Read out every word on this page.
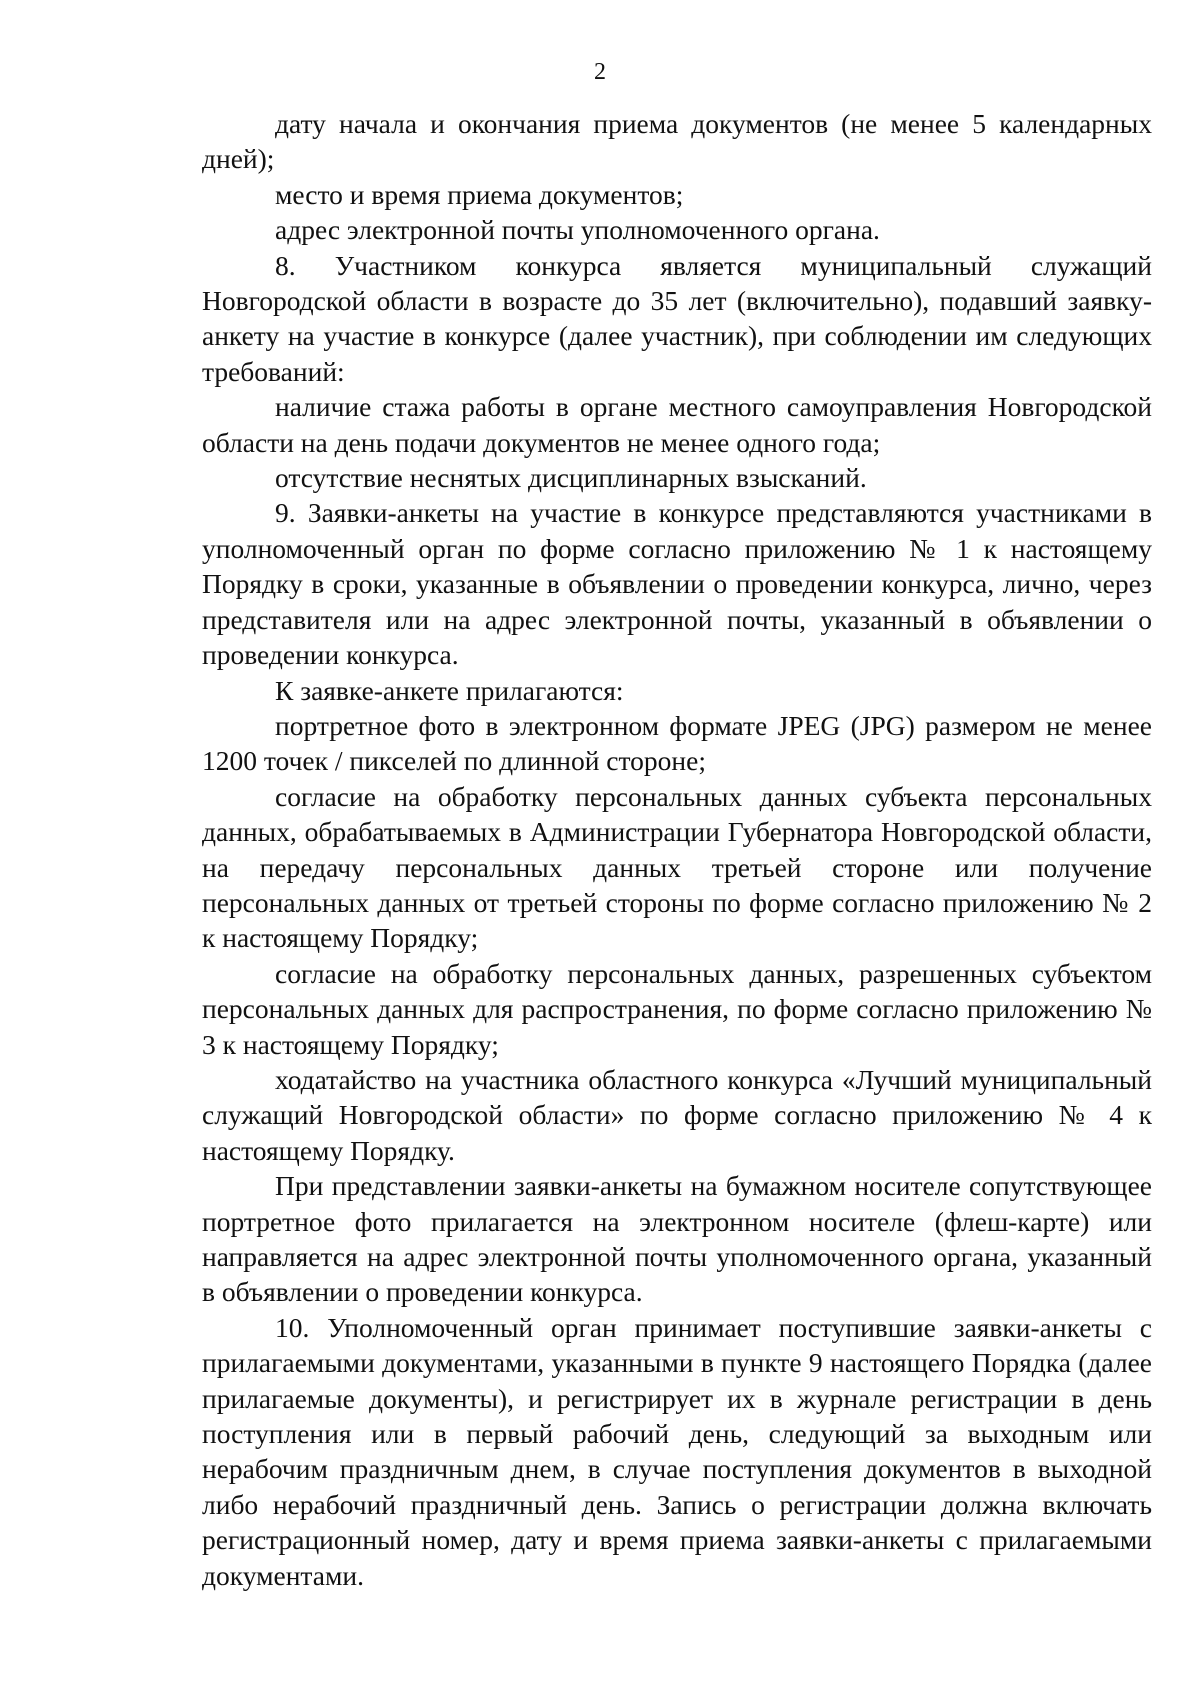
2

дату начала и окончания приема документов (не менее 5 календарных дней);

место и время приема документов;

адрес электронной почты уполномоченного органа.

8. Участником конкурса является муниципальный служащий Новгородской области в возрасте до 35 лет (включительно), подавший заявку-анкету на участие в конкурсе (далее участник), при соблюдении им следующих требований:

наличие стажа работы в органе местного самоуправления Новгородской области на день подачи документов не менее одного года;

отсутствие неснятых дисциплинарных взысканий.

9. Заявки-анкеты на участие в конкурсе представляются участниками в уполномоченный орган по форме согласно приложению № 1 к настоящему Порядку в сроки, указанные в объявлении о проведении конкурса, лично, через представителя или на адрес электронной почты, указанный в объявлении о проведении конкурса.

К заявке-анкете прилагаются:

портретное фото в электронном формате JPEG (JPG) размером не менее 1200 точек / пикселей по длинной стороне;

согласие на обработку персональных данных субъекта персональных данных, обрабатываемых в Администрации Губернатора Новгородской области, на передачу персональных данных третьей стороне или получение персональных данных от третьей стороны по форме согласно приложению № 2 к настоящему Порядку;

согласие на обработку персональных данных, разрешенных субъектом персональных данных для распространения, по форме согласно приложению № 3 к настоящему Порядку;

ходатайство на участника областного конкурса «Лучший муниципальный служащий Новгородской области» по форме согласно приложению № 4 к настоящему Порядку.

При представлении заявки-анкеты на бумажном носителе сопутствующее портретное фото прилагается на электронном носителе (флеш-карте) или направляется на адрес электронной почты уполномоченного органа, указанный в объявлении о проведении конкурса.

10. Уполномоченный орган принимает поступившие заявки-анкеты с прилагаемыми документами, указанными в пункте 9 настоящего Порядка (далее прилагаемые документы), и регистрирует их в журнале регистрации в день поступления или в первый рабочий день, следующий за выходным или нерабочим праздничным днем, в случае поступления документов в выходной либо нерабочий праздничный день. Запись о регистрации должна включать регистрационный номер, дату и время приема заявки-анкеты с прилагаемыми документами.
